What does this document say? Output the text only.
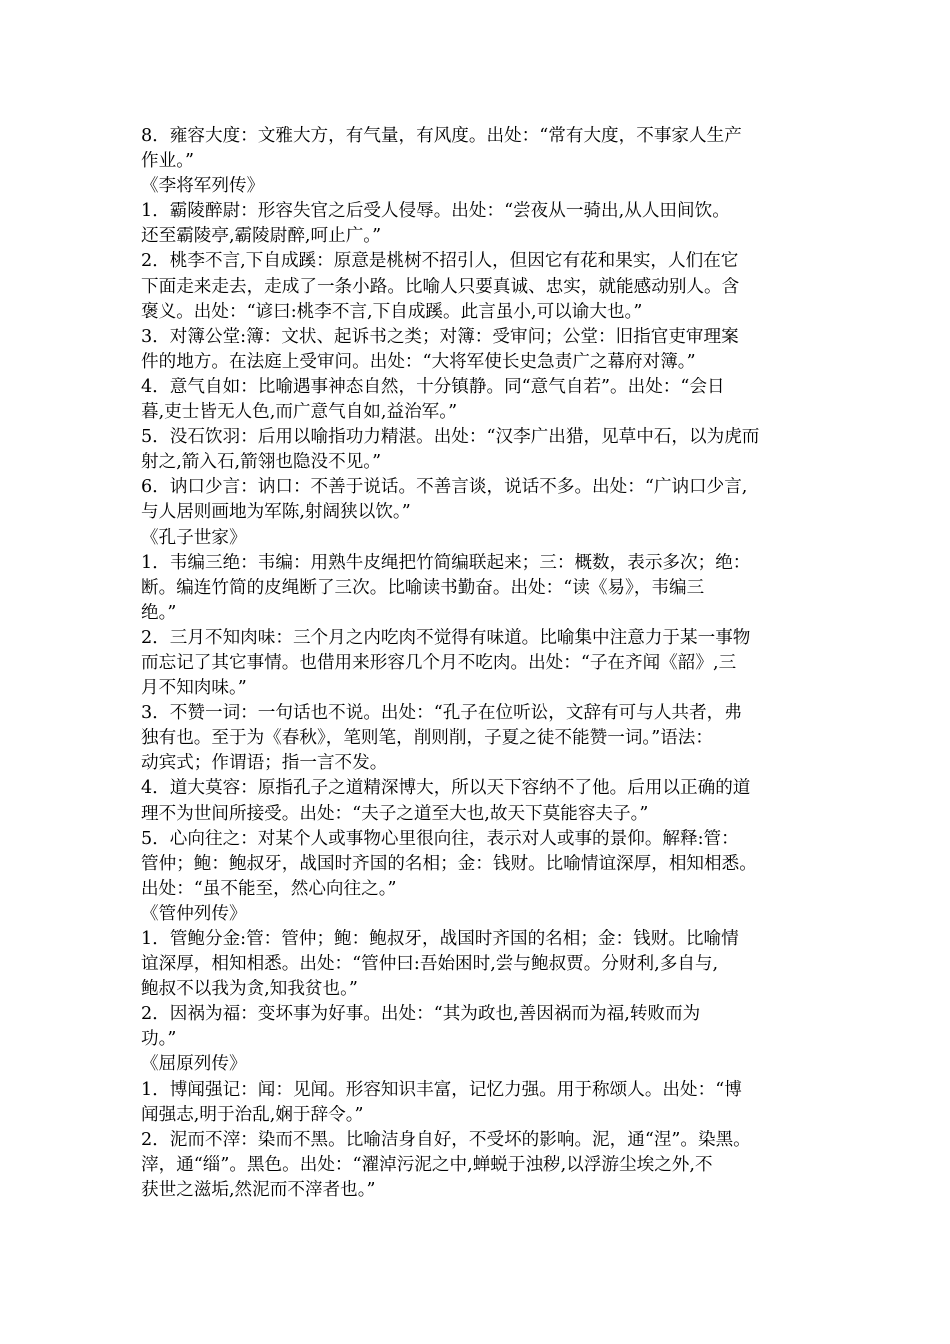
8．雍容大度：文雅大方，有气量，有风度。出处：“常有大度，不事家人生产
作业。”
《李将军列传》
1．霸陵醉尉：形容失官之后受人侵辱。出处：“尝夜从一骑出,从人田间饮。
还至霸陵亭,霸陵尉醉,呵止广。”
2．桃李不言,下自成蹊：原意是桃树不招引人，但因它有花和果实，人们在它
下面走来走去，走成了一条小路。比喻人只要真诚、忠实，就能感动别人。含
褒义。出处：“谚曰:桃李不言,下自成蹊。此言虽小,可以谕大也。”
3．对簿公堂:簿：文状、起诉书之类；对簿：受审问；公堂：旧指官吏审理案
件的地方。在法庭上受审问。出处：“大将军使长史急责广之幕府对簿。”
4．意气自如：比喻遇事神态自然，十分镇静。同“意气自若”。出处：“会日
暮,吏士皆无人色,而广意气自如,益治军。”
5．没石饮羽：后用以喻指功力精湛。出处：“汉李广出猎，见草中石，以为虎而
射之,箭入石,箭翎也隐没不见。”
6．讷口少言：讷口：不善于说话。不善言谈，说话不多。出处：“广讷口少言,
与人居则画地为军陈,射阔狭以饮。”
《孔子世家》
1．韦编三绝：韦编：用熟牛皮绳把竹简编联起来；三：概数，表示多次；绝：
断。编连竹简的皮绳断了三次。比喻读书勤奋。出处：“读《易》，韦编三
绝。”
2．三月不知肉味：三个月之内吃肉不觉得有味道。比喻集中注意力于某一事物
而忘记了其它事情。也借用来形容几个月不吃肉。出处：“子在齐闻《韶》,三
月不知肉味。”
3．不赞一词：一句话也不说。出处：“孔子在位听讼，文辞有可与人共者，弗
独有也。至于为《春秋》，笔则笔，削则削，子夏之徒不能赞一词。”语法：
动宾式；作谓语；指一言不发。
4．道大莫容：原指孔子之道精深博大，所以天下容纳不了他。后用以正确的道
理不为世间所接受。出处：“夫子之道至大也,故天下莫能容夫子。”
5．心向往之：对某个人或事物心里很向往，表示对人或事的景仰。解释:管：
管仲；鲍：鲍叔牙，战国时齐国的名相；金：钱财。比喻情谊深厚，相知相悉。
出处：“虽不能至，然心向往之。”
《管仲列传》
1．管鲍分金:管：管仲；鲍：鲍叔牙，战国时齐国的名相；金：钱财。比喻情
谊深厚，相知相悉。出处：“管仲曰:吾始困时,尝与鲍叔贾。分财利,多自与,
鲍叔不以我为贪,知我贫也。”
2．因祸为福：变坏事为好事。出处：“其为政也,善因祸而为福,转败而为
功。”
《屈原列传》
1．博闻强记：闻：见闻。形容知识丰富，记忆力强。用于称颂人。出处：“博
闻强志,明于治乱,娴于辞令。”
2．泥而不滓：染而不黑。比喻洁身自好，不受坏的影响。泥，通“涅”。染黑。
滓，通“缁”。黑色。出处：“濯淖污泥之中,蝉蜕于浊秽,以浮游尘埃之外,不
获世之滋垢,然泥而不滓者也。”
